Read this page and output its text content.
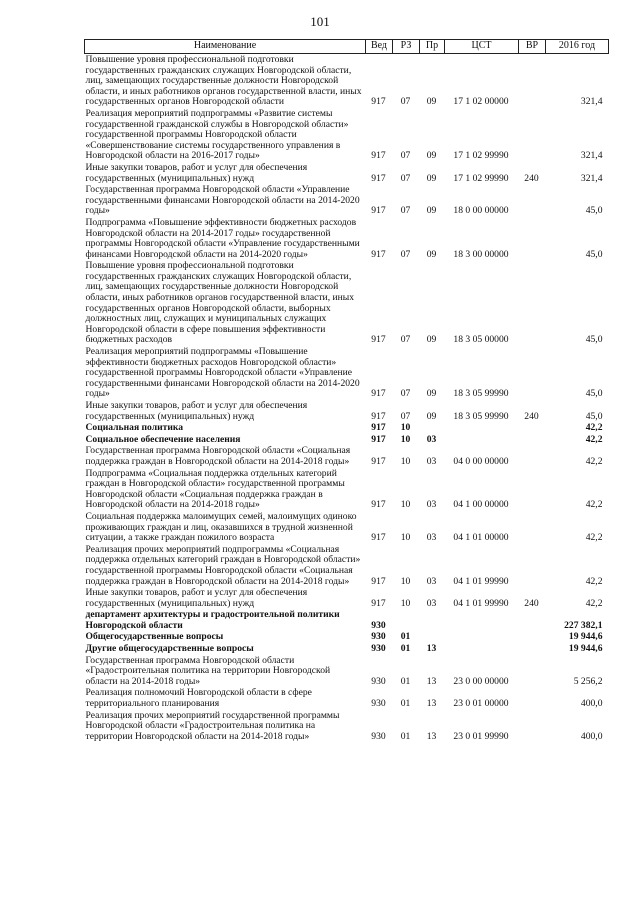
101
Наименование	Вед	РЗ	Пр	ЦСТ	ВР	2016 год
Повышение уровня профессиональной подготовки государственных гражданских служащих Новгородской области, лиц, замещающих государственные должности Новгородской области, и иных работников органов государственной власти, иных государственных органов Новгородской области	917	07	09	17 1 02 00000		321,4
Реализация мероприятий подпрограммы «Развитие системы государственной гражданской службы в Новгородской области» государственной программы Новгородской области «Совершенствование системы государственного управления в Новгородской области на 2016-2017 годы»	917	07	09	17 1 02 99990		321,4
Иные закупки товаров, работ и услуг для обеспечения государственных (муниципальных) нужд	917	07	09	17 1 02 99990	240	321,4
Государственная программа Новгородской области «Управление государственными финансами Новгородской области на 2014-2020 годы»	917	07	09	18 0 00 00000		45,0
Подпрограмма «Повышение эффективности бюджетных расходов Новгородской области на 2014-2017 годы» государственной программы Новгородской области «Управление государственными финансами Новгородской области на 2014-2020 годы»	917	07	09	18 3 00 00000		45,0
Повышение уровня профессиональной подготовки государственных гражданских служащих Новгородской области, лиц, замещающих государственные должности Новгородской области, иных работников органов государственной власти, иных государственных органов Новгородской области, выборных должностных лиц, служащих и муниципальных служащих Новгородской области в сфере повышения эффективности бюджетных расходов	917	07	09	18 3 05 00000		45,0
Реализация мероприятий подпрограммы «Повышение эффективности бюджетных расходов Новгородской области» государственной программы Новгородской области «Управление государственными финансами Новгородской области на 2014-2020 годы»	917	07	09	18 3 05 99990		45,0
Иные закупки товаров, работ и услуг для обеспечения государственных (муниципальных) нужд	917	07	09	18 3 05 99990	240	45,0
Социальная политика	917	10				42,2
Социальное обеспечение населения	917	10	03			42,2
Государственная программа Новгородской области «Социальная поддержка граждан в Новгородской области на 2014-2018 годы»	917	10	03	04 0 00 00000		42,2
Подпрограмма «Социальная поддержка отдельных категорий граждан в Новгородской области» государственной программы Новгородской области «Социальная поддержка граждан в Новгородской области на 2014-2018 годы»	917	10	03	04 1 00 00000		42,2
Социальная поддержка малоимущих семей, малоимущих одиноко проживающих граждан и лиц, оказавшихся в трудной жизненной ситуации, а также граждан пожилого возраста	917	10	03	04 1 01 00000		42,2
Реализация прочих мероприятий подпрограммы «Социальная поддержка отдельных категорий граждан в Новгородской области» государственной программы Новгородской области «Социальная поддержка граждан в Новгородской области на 2014-2018 годы»	917	10	03	04 1 01 99990		42,2
Иные закупки товаров, работ и услуг для обеспечения государственных (муниципальных) нужд	917	10	03	04 1 01 99990	240	42,2
департамент архитектуры и градостроительной политики Новгородской области	930					227 382,1
Общегосударственные вопросы	930	01				19 944,6
Другие общегосударственные вопросы	930	01	13			19 944,6
Государственная программа Новгородской области «Градостроительная политика на территории Новгородской области на 2014-2018 годы»	930	01	13	23 0 00 00000		5 256,2
Реализация полномочий Новгородской области в сфере территориального планирования	930	01	13	23 0 01 00000		400,0
Реализация прочих мероприятий государственной программы Новгородской области «Градостроительная политика на территории Новгородской области на 2014-2018 годы»	930	01	13	23 0 01 99990		400,0
